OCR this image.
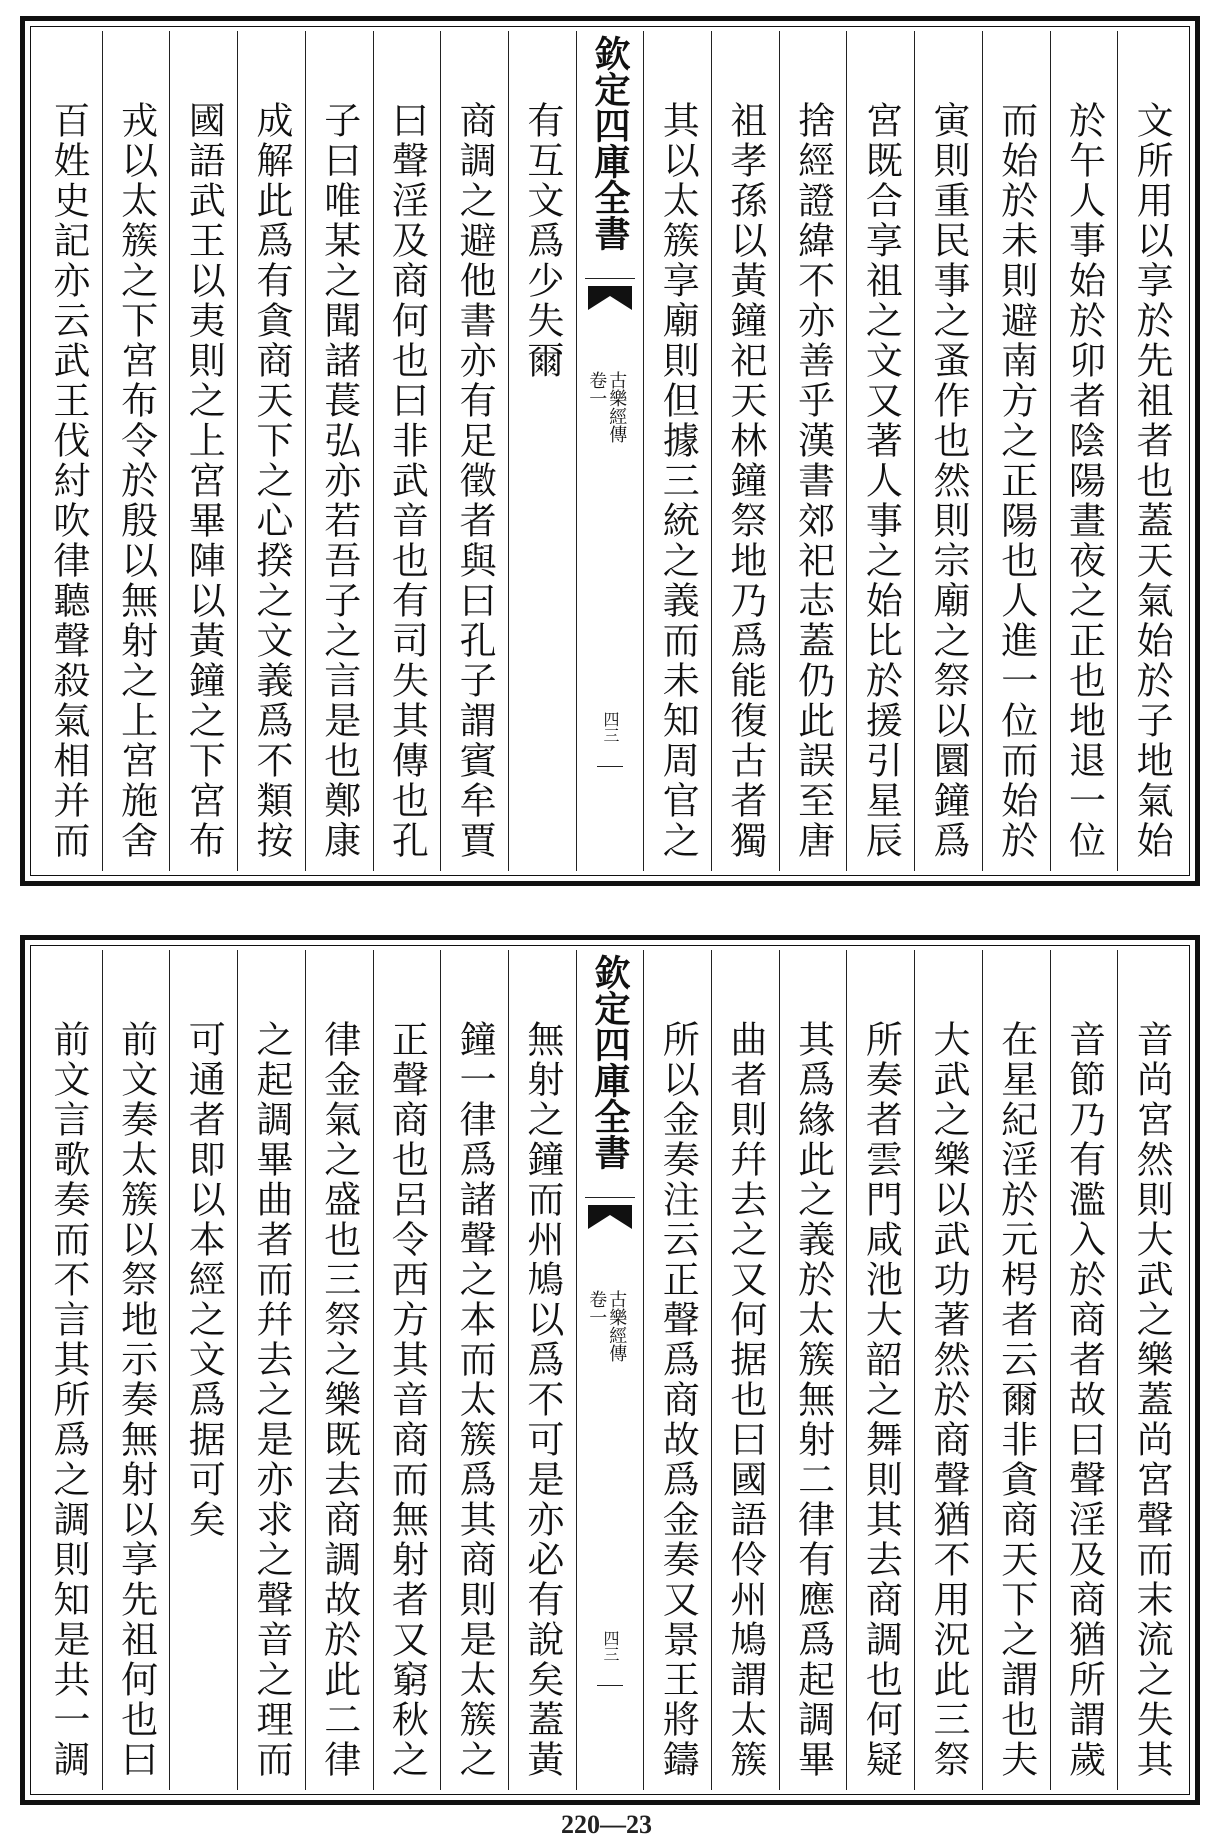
文所用以享於先祖者也蓋天氣始於子地氣始
於午人事始於卯者陰陽晝夜之正也地退一位
而始於未則避南方之正陽也人進一位而始於
寅則重民事之蚤作也然則宗廟之祭以圜鐘爲
宮既合享祖之文又著人事之始比於援引星辰
捨經證緯不亦善乎漢書郊祀志蓋仍此誤至唐
祖孝孫以黃鐘祀天林鐘祭地乃爲能復古者獨
其以太簇享廟則但據三統之義而未知周官之
欽定四庫全書
古樂經傳
卷一
四三
有互文爲少失爾
商調之避他書亦有足徵者與曰孔子謂賓牟賈
曰聲淫及商何也曰非武音也有司失其傳也孔
子曰唯某之聞諸萇弘亦若吾子之言是也鄭康
成解此爲有貪商天下之心揆之文義爲不類按
國語武王以夷則之上宮畢陣以黃鐘之下宮布
戎以太簇之下宮布令於殷以無射之上宮施舍
百姓史記亦云武王伐紂吹律聽聲殺氣相并而
音尚宮然則大武之樂蓋尚宮聲而末流之失其
音節乃有濫入於商者故曰聲淫及商猶所謂歲
在星紀淫於元枵者云爾非貪商天下之謂也夫
大武之樂以武功著然於商聲猶不用況此三祭
所奏者雲門咸池大韶之舞則其去商調也何疑
其爲緣此之義於太簇無射二律有應爲起調畢
曲者則幷去之又何据也曰國語伶州鳩謂太簇
所以金奏注云正聲爲商故爲金奏又景王將鑄
欽定四庫全書
古樂經傳
卷一
四三
無射之鐘而州鳩以爲不可是亦必有說矣蓋黃
鐘一律爲諸聲之本而太簇爲其商則是太簇之
正聲商也呂令西方其音商而無射者又窮秋之
律金氣之盛也三祭之樂既去商調故於此二律
之起調畢曲者而幷去之是亦求之聲音之理而
可通者即以本經之文爲据可矣
前文奏太簇以祭地示奏無射以享先祖何也曰
前文言歌奏而不言其所爲之調則知是共一調
220—23
